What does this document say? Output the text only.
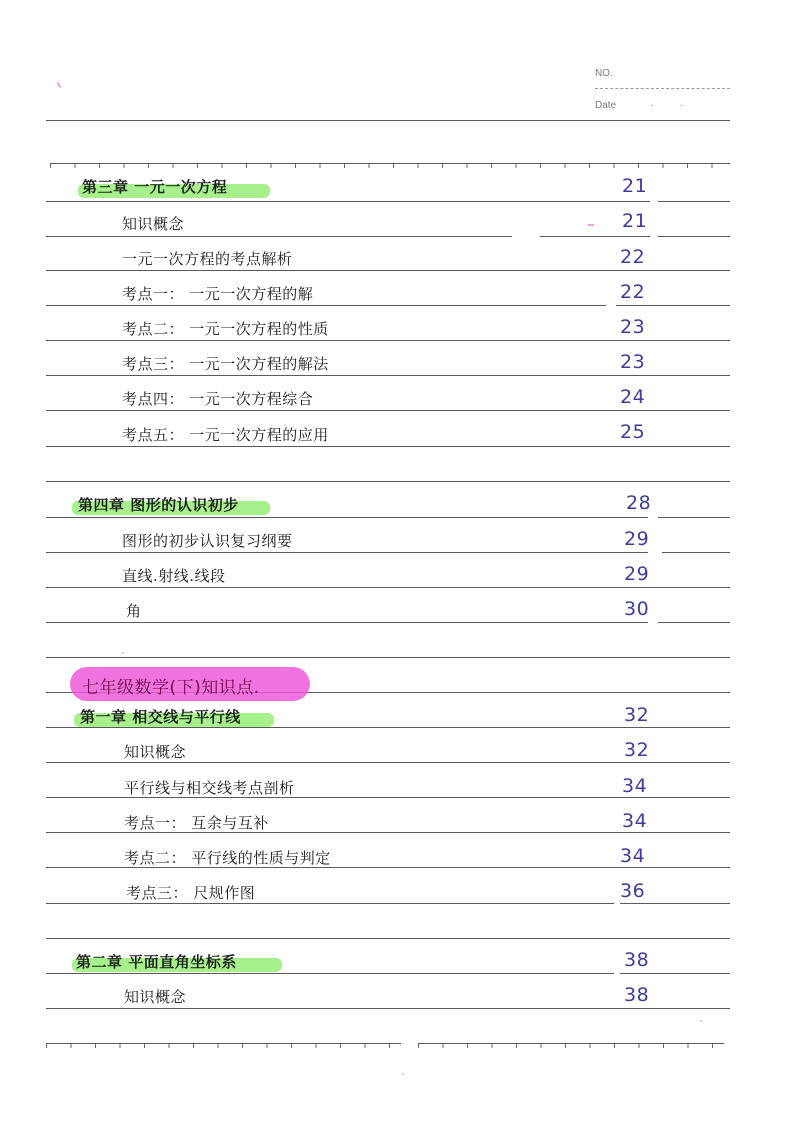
NO.
Date	·	·
第三章 一元一次方程	21
知识概念	21
一元一次方程的考点解析	22
考点一： 一元一次方程的解	22
考点二： 一元一次方程的性质	23
考点三： 一元一次方程的解法	23
考点四： 一元一次方程综合	24
考点五： 一元一次方程的应用	25
第四章 图形的认识初步	28
图形的初步认识复习纲要	29
直线.射线.线段	29
角	30
七年级数学(下)知识点.
第一章 相交线与平行线	32
知识概念	32
平行线与相交线考点剖析	34
考点一： 互余与互补	34
考点二： 平行线的性质与判定	34
考点三： 尺规作图	36
第二章 平面直角坐标系	38
知识概念	38
